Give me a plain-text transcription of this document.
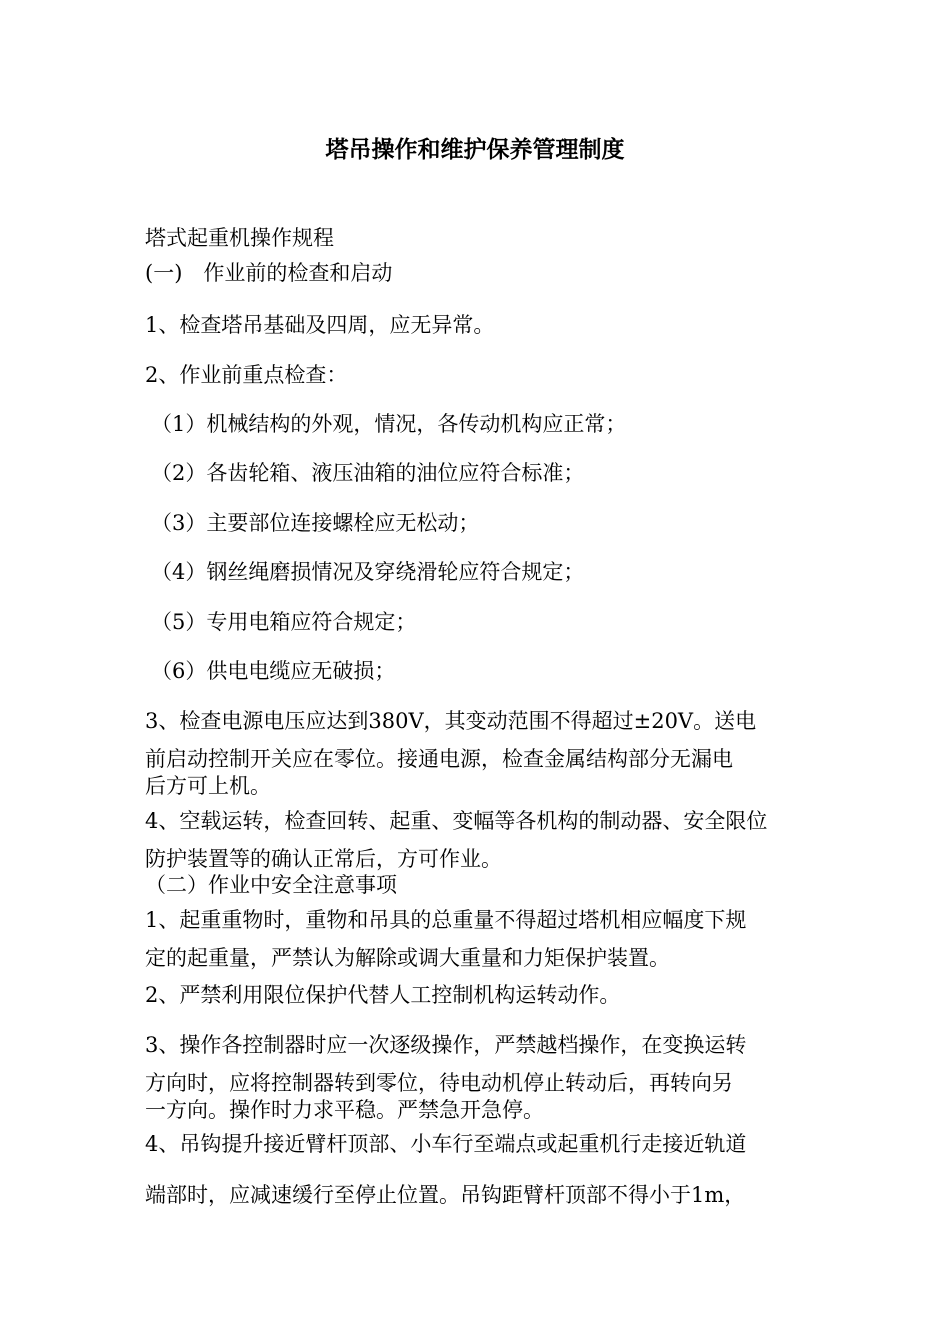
塔吊操作和维护保养管理制度
塔式起重机操作规程
(一)　作业前的检查和启动
1、检查塔吊基础及四周，应无异常。
2、作业前重点检查：
（1）机械结构的外观，情况，各传动机构应正常；
（2）各齿轮箱、液压油箱的油位应符合标准；
（3）主要部位连接螺栓应无松动；
（4）钢丝绳磨损情况及穿绕滑轮应符合规定；
（5）专用电箱应符合规定；
（6）供电电缆应无破损；
3、检查电源电压应达到380V，其变动范围不得超过±20V。送电
前启动控制开关应在零位。接通电源，检查金属结构部分无漏电
后方可上机。
4、空载运转，检查回转、起重、变幅等各机构的制动器、安全限位
防护装置等的确认正常后，方可作业。
（二）作业中安全注意事项
1、起重重物时，重物和吊具的总重量不得超过塔机相应幅度下规
定的起重量，严禁认为解除或调大重量和力矩保护装置。
2、严禁利用限位保护代替人工控制机构运转动作。
3、操作各控制器时应一次逐级操作，严禁越档操作，在变换运转
方向时，应将控制器转到零位，待电动机停止转动后，再转向另
一方向。操作时力求平稳。严禁急开急停。
4、吊钩提升接近臂杆顶部、小车行至端点或起重机行走接近轨道
端部时，应减速缓行至停止位置。吊钩距臂杆顶部不得小于1m，
